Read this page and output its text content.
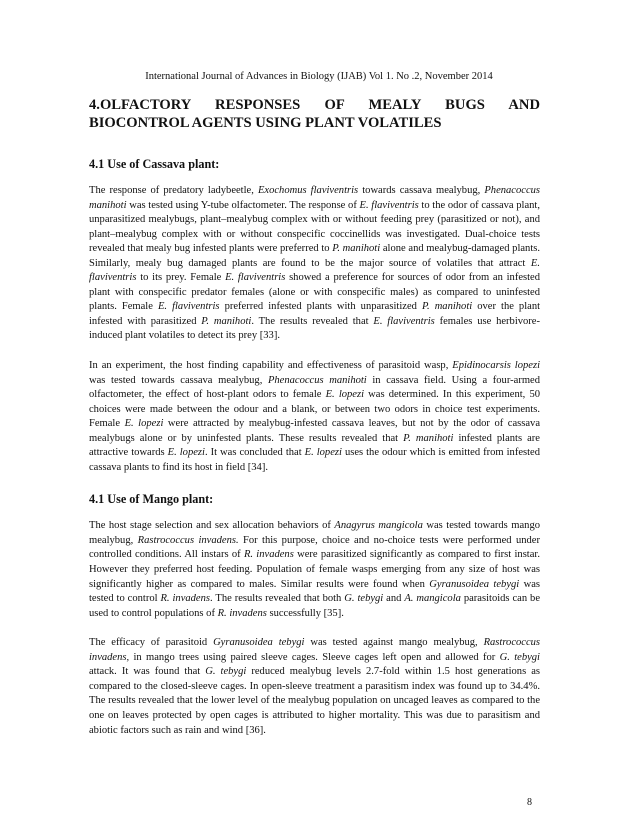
International Journal of Advances in Biology (IJAB) Vol 1. No .2, November 2014
4.OLFACTORY RESPONSES OF MEALY BUGS AND BIOCONTROL AGENTS USING PLANT VOLATILES
4.1 Use of Cassava plant:

The response of predatory ladybeetle, Exochomus flaviventris towards cassava mealybug, Phenacoccus manihoti was tested using Y-tube olfactometer. The response of E. flaviventris to the odor of cassava plant, unparasitized mealybugs, plant–mealybug complex with or without feeding prey (parasitized or not), and plant–mealybug complex with or without conspecific coccinellids was investigated. Dual-choice tests revealed that mealy bug infested plants were preferred to P. manihoti alone and mealybug-damaged plants. Similarly, mealy bug damaged plants are found to be the major source of volatiles that attract E. flaviventris to its prey. Female E. flaviventris showed a preference for sources of odor from an infested plant with conspecific predator females (alone or with conspecific males) as compared to uninfested plants. Female E. flaviventris preferred infested plants with unparasitized P. manihoti over the plant infested with parasitized P. manihoti. The results revealed that E. flaviventris females use herbivore-induced plant volatiles to detect its prey [33].

In an experiment, the host finding capability and effectiveness of parasitoid wasp, Epidinocarsis lopezi was tested towards cassava mealybug, Phenacoccus manihoti in cassava field. Using a four-armed olfactometer, the effect of host-plant odors to female E. lopezi was determined. In this experiment, 50 choices were made between the odour and a blank, or between two odors in choice test experiments. Female E. lopezi were attracted by mealybug-infested cassava leaves, but not by the odor of cassava mealybugs alone or by uninfested plants. These results revealed that P. manihoti infested plants are attractive towards E. lopezi. It was concluded that E. lopezi uses the odour which is emitted from infested cassava plants to find its host in field [34].

4.1 Use of Mango plant:

The host stage selection and sex allocation behaviors of Anagyrus mangicola was tested towards mango mealybug, Rastrococcus invadens. For this purpose, choice and no-choice tests were performed under controlled conditions. All instars of R. invadens were parasitized significantly as compared to first instar. However they preferred host feeding. Population of female wasps emerging from any size of host was significantly higher as compared to males. Similar results were found when Gyranusoidea tebygi was tested to control R. invadens. The results revealed that both G. tebygi and A. mangicola parasitoids can be used to control populations of R. invadens successfully [35].

The efficacy of parasitoid Gyranusoidea tebygi was tested against mango mealybug, Rastrococcus invadens, in mango trees using paired sleeve cages. Sleeve cages left open and allowed for G. tebygi attack. It was found that G. tebygi reduced mealybug levels 2.7-fold within 1.5 host generations as compared to the closed-sleeve cages. In open-sleeve treatment a parasitism index was found up to 34.4%. The results revealed that the lower level of the mealybug population on uncaged leaves as compared to the one on leaves protected by open cages is attributed to higher mortality. This was due to parasitism and abiotic factors such as rain and wind [36].

8
